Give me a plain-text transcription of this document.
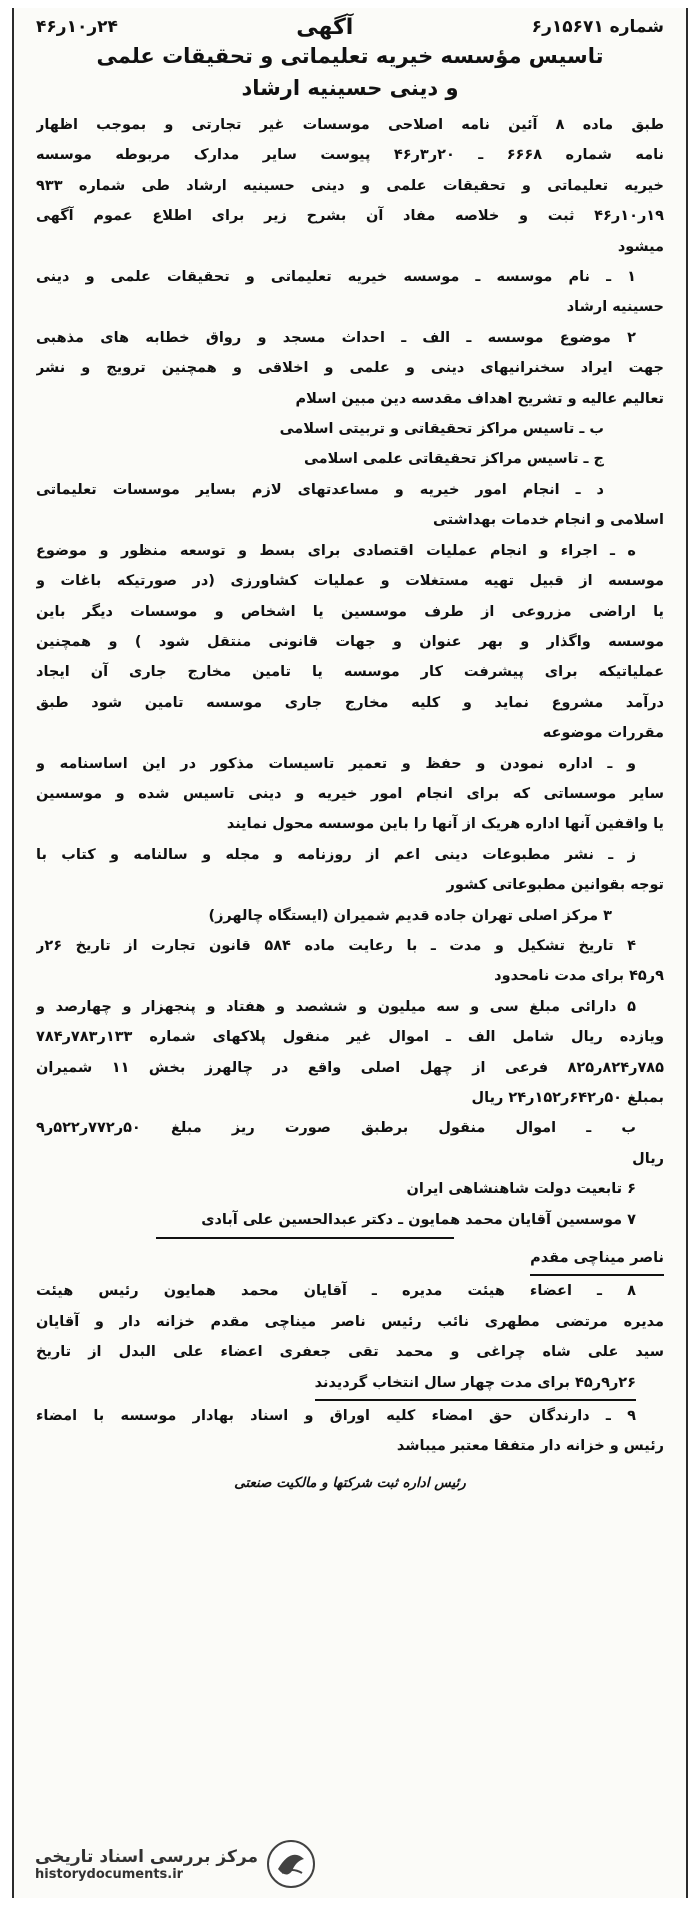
شماره ۱۵۶۷۱ر۶
آگهی
۲۴ر۱۰ر۴۶

تاسیس مؤسسه خیریه تعلیماتی و تحقیقات علمی

و دینی حسینیه ارشاد

طبق ماده ۸ آئین نامه اصلاحی موسسات غیر تجارتی و بموجب اظهار

نامه شماره ۶۶۶۸ ـ ۲۰ر۳ر۴۶ پیوست سایر مدارک مربوطه موسسه

خیریه تعلیماتی و تحقیقات علمی و دینی حسینیه ارشاد طی شماره ۹۳۳

۱۹ر۱۰ر۴۶ ثبت و خلاصه مفاد آن بشرح زیر برای اطلاع عموم آگهی

میشود

۱ ـ نام موسسه ـ موسسه خیریه تعلیماتی و تحقیقات علمی و دینی

حسینیه ارشاد

۲ موضوع موسسه ـ الف ـ احداث مسجد و رواق خطابه های مذهبی

جهت ایراد سخنرانیهای دینی و علمی و اخلاقی و همچنین ترویج و نشر

تعالیم عالیه و تشریح اهداف مقدسه دین مبین اسلام

ب ـ تاسیس مراکز تحقیقاتی و تربیتی اسلامی

ج ـ تاسیس مراکز تحقیقاتی علمی اسلامی

د ـ انجام امور خیریه و مساعدتهای لازم بسایر موسسات تعلیماتی

اسلامی و انجام خدمات بهداشتی

ه ـ اجراء و انجام عملیات اقتصادی برای بسط و توسعه منظور و موضوع

موسسه از قبیل تهیه مستغلات و عملیات کشاورزی (در صورتیکه باغات و

یا اراضی مزروعی از طرف موسسین یا اشخاص و موسسات دیگر باین

موسسه واگذار و بهر عنوان و جهات قانونی منتقل شود ) و همچنین

عملیاتیکه برای پیشرفت کار موسسه یا تامین مخارج جاری آن ایجاد

درآمد مشروع نماید و کلیه مخارج جاری موسسه تامین شود طبق

مقررات موضوعه

و ـ اداره نمودن و حفظ و تعمیر تاسیسات مذکور در این اساسنامه و

سایر موسساتی که برای انجام امور خیریه و دینی تاسیس شده و موسسین

یا واقفین آنها اداره هریک از آنها را باین موسسه محول نمایند

ز ـ نشر مطبوعات دینی اعم از روزنامه و مجله و سالنامه و کتاب با

توجه بقوانین مطبوعاتی کشور

۳ مرکز اصلی تهران جاده قدیم شمیران (ایستگاه چالهرز)

۴ تاریخ تشکیل و مدت ـ با رعایت ماده ۵۸۴ قانون تجارت از تاریخ ۲۶ر

۹ر۴۵ برای مدت نامحدود

۵ دارائی مبلغ سی و سه میلیون و ششصد و هفتاد و پنجهزار و چهارصد و

ویازده ریال شامل الف ـ اموال غیر منقول پلاکهای شماره ۱۳۳ر۷۸۳ر۷۸۴

۷۸۵ر۸۲۴ر۸۲۵ فرعی از چهل اصلی واقع در چالهرز بخش ۱۱ شمیران

بمبلغ ۵۰ر۶۴۲ر۱۵۲ر۲۴ ریال

ب ـ اموال منقول برطبق صورت ریز مبلغ ۵۰ر۷۷۲ر۵۲۲ر۹

ریال

۶ تابعیت دولت شاهنشاهی ایران

۷ موسسین آقایان محمد همایون ـ دکتر عبدالحسین علی آبادی

ناصر میناچی مقدم

۸ ـ اعضاء هیئت مدیره ـ آقایان محمد همایون رئیس هیئت

مدیره مرتضی مطهری نائب رئیس ناصر میناچی مقدم خزانه دار و آقایان

سید علی شاه چراغی و محمد تقی جعفری اعضاء علی البدل از تاریخ

۲۶ر۹ر۴۵ برای مدت چهار سال انتخاب گردیدند

۹ ـ دارندگان حق امضاء کلیه اوراق و اسناد بهادار موسسه با امضاء

رئیس و خزانه دار متفقا معتبر میباشد

رئیس اداره ثبت شرکتها و مالکیت صنعتی

مرکز بررسی اسناد تاریخی
historydocuments.ir
